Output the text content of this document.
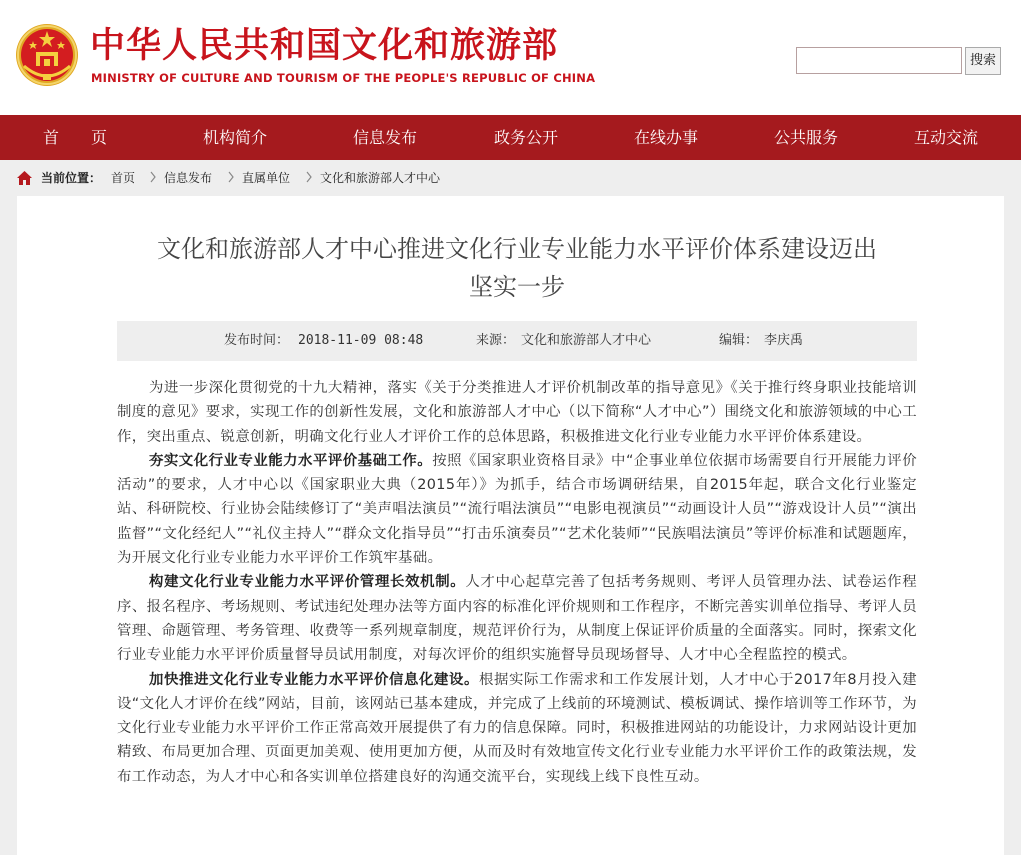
中华人民共和国文化和旅游部
MINISTRY OF CULTURE AND TOURISM OF THE PEOPLE'S REPUBLIC OF CHINA
搜索
首　　页	机构简介	信息发布	政务公开	在线办事	公共服务	互动交流
当前位置： 首页 信息发布 直属单位 文化和旅游部人才中心
文化和旅游部人才中心推进文化行业专业能力水平评价体系建设迈出
坚实一步
发布时间： 2018-11-09 08:48	来源： 文化和旅游部人才中心	编辑： 李庆禹

为进一步深化贯彻党的十九大精神，落实《关于分类推进人才评价机制改革的指导意见》《关于推行终身职业技能培训制度的意见》要求，实现工作的创新性发展，文化和旅游部人才中心（以下简称“人才中心”）围绕文化和旅游领域的中心工作，突出重点、锐意创新，明确文化行业人才评价工作的总体思路，积极推进文化行业专业能力水平评价体系建设。

夯实文化行业专业能力水平评价基础工作。按照《国家职业资格目录》中“企事业单位依据市场需要自行开展能力评价活动”的要求，人才中心以《国家职业大典（2015年）》为抓手，结合市场调研结果，自2015年起，联合文化行业鉴定站、科研院校、行业协会陆续修订了“美声唱法演员”“流行唱法演员”“电影电视演员”“动画设计人员”“游戏设计人员”“演出监督”“文化经纪人”“礼仪主持人”“群众文化指导员”“打击乐演奏员”“艺术化装师”“民族唱法演员”等评价标准和试题题库，为开展文化行业专业能力水平评价工作筑牢基础。

构建文化行业专业能力水平评价管理长效机制。人才中心起草完善了包括考务规则、考评人员管理办法、试卷运作程序、报名程序、考场规则、考试违纪处理办法等方面内容的标准化评价规则和工作程序，不断完善实训单位指导、考评人员管理、命题管理、考务管理、收费等一系列规章制度，规范评价行为，从制度上保证评价质量的全面落实。同时，探索文化行业专业能力水平评价质量督导员试用制度，对每次评价的组织实施督导员现场督导、人才中心全程监控的模式。

加快推进文化行业专业能力水平评价信息化建设。根据实际工作需求和工作发展计划，人才中心于2017年8月投入建设“文化人才评价在线”网站，目前，该网站已基本建成，并完成了上线前的环境测试、模板调试、操作培训等工作环节，为文化行业专业能力水平评价工作正常高效开展提供了有力的信息保障。同时，积极推进网站的功能设计，力求网站设计更加精致、布局更加合理、页面更加美观、使用更加方便，从而及时有效地宣传文化行业专业能力水平评价工作的政策法规，发布工作动态，为人才中心和各实训单位搭建良好的沟通交流平台，实现线上线下良性互动。
